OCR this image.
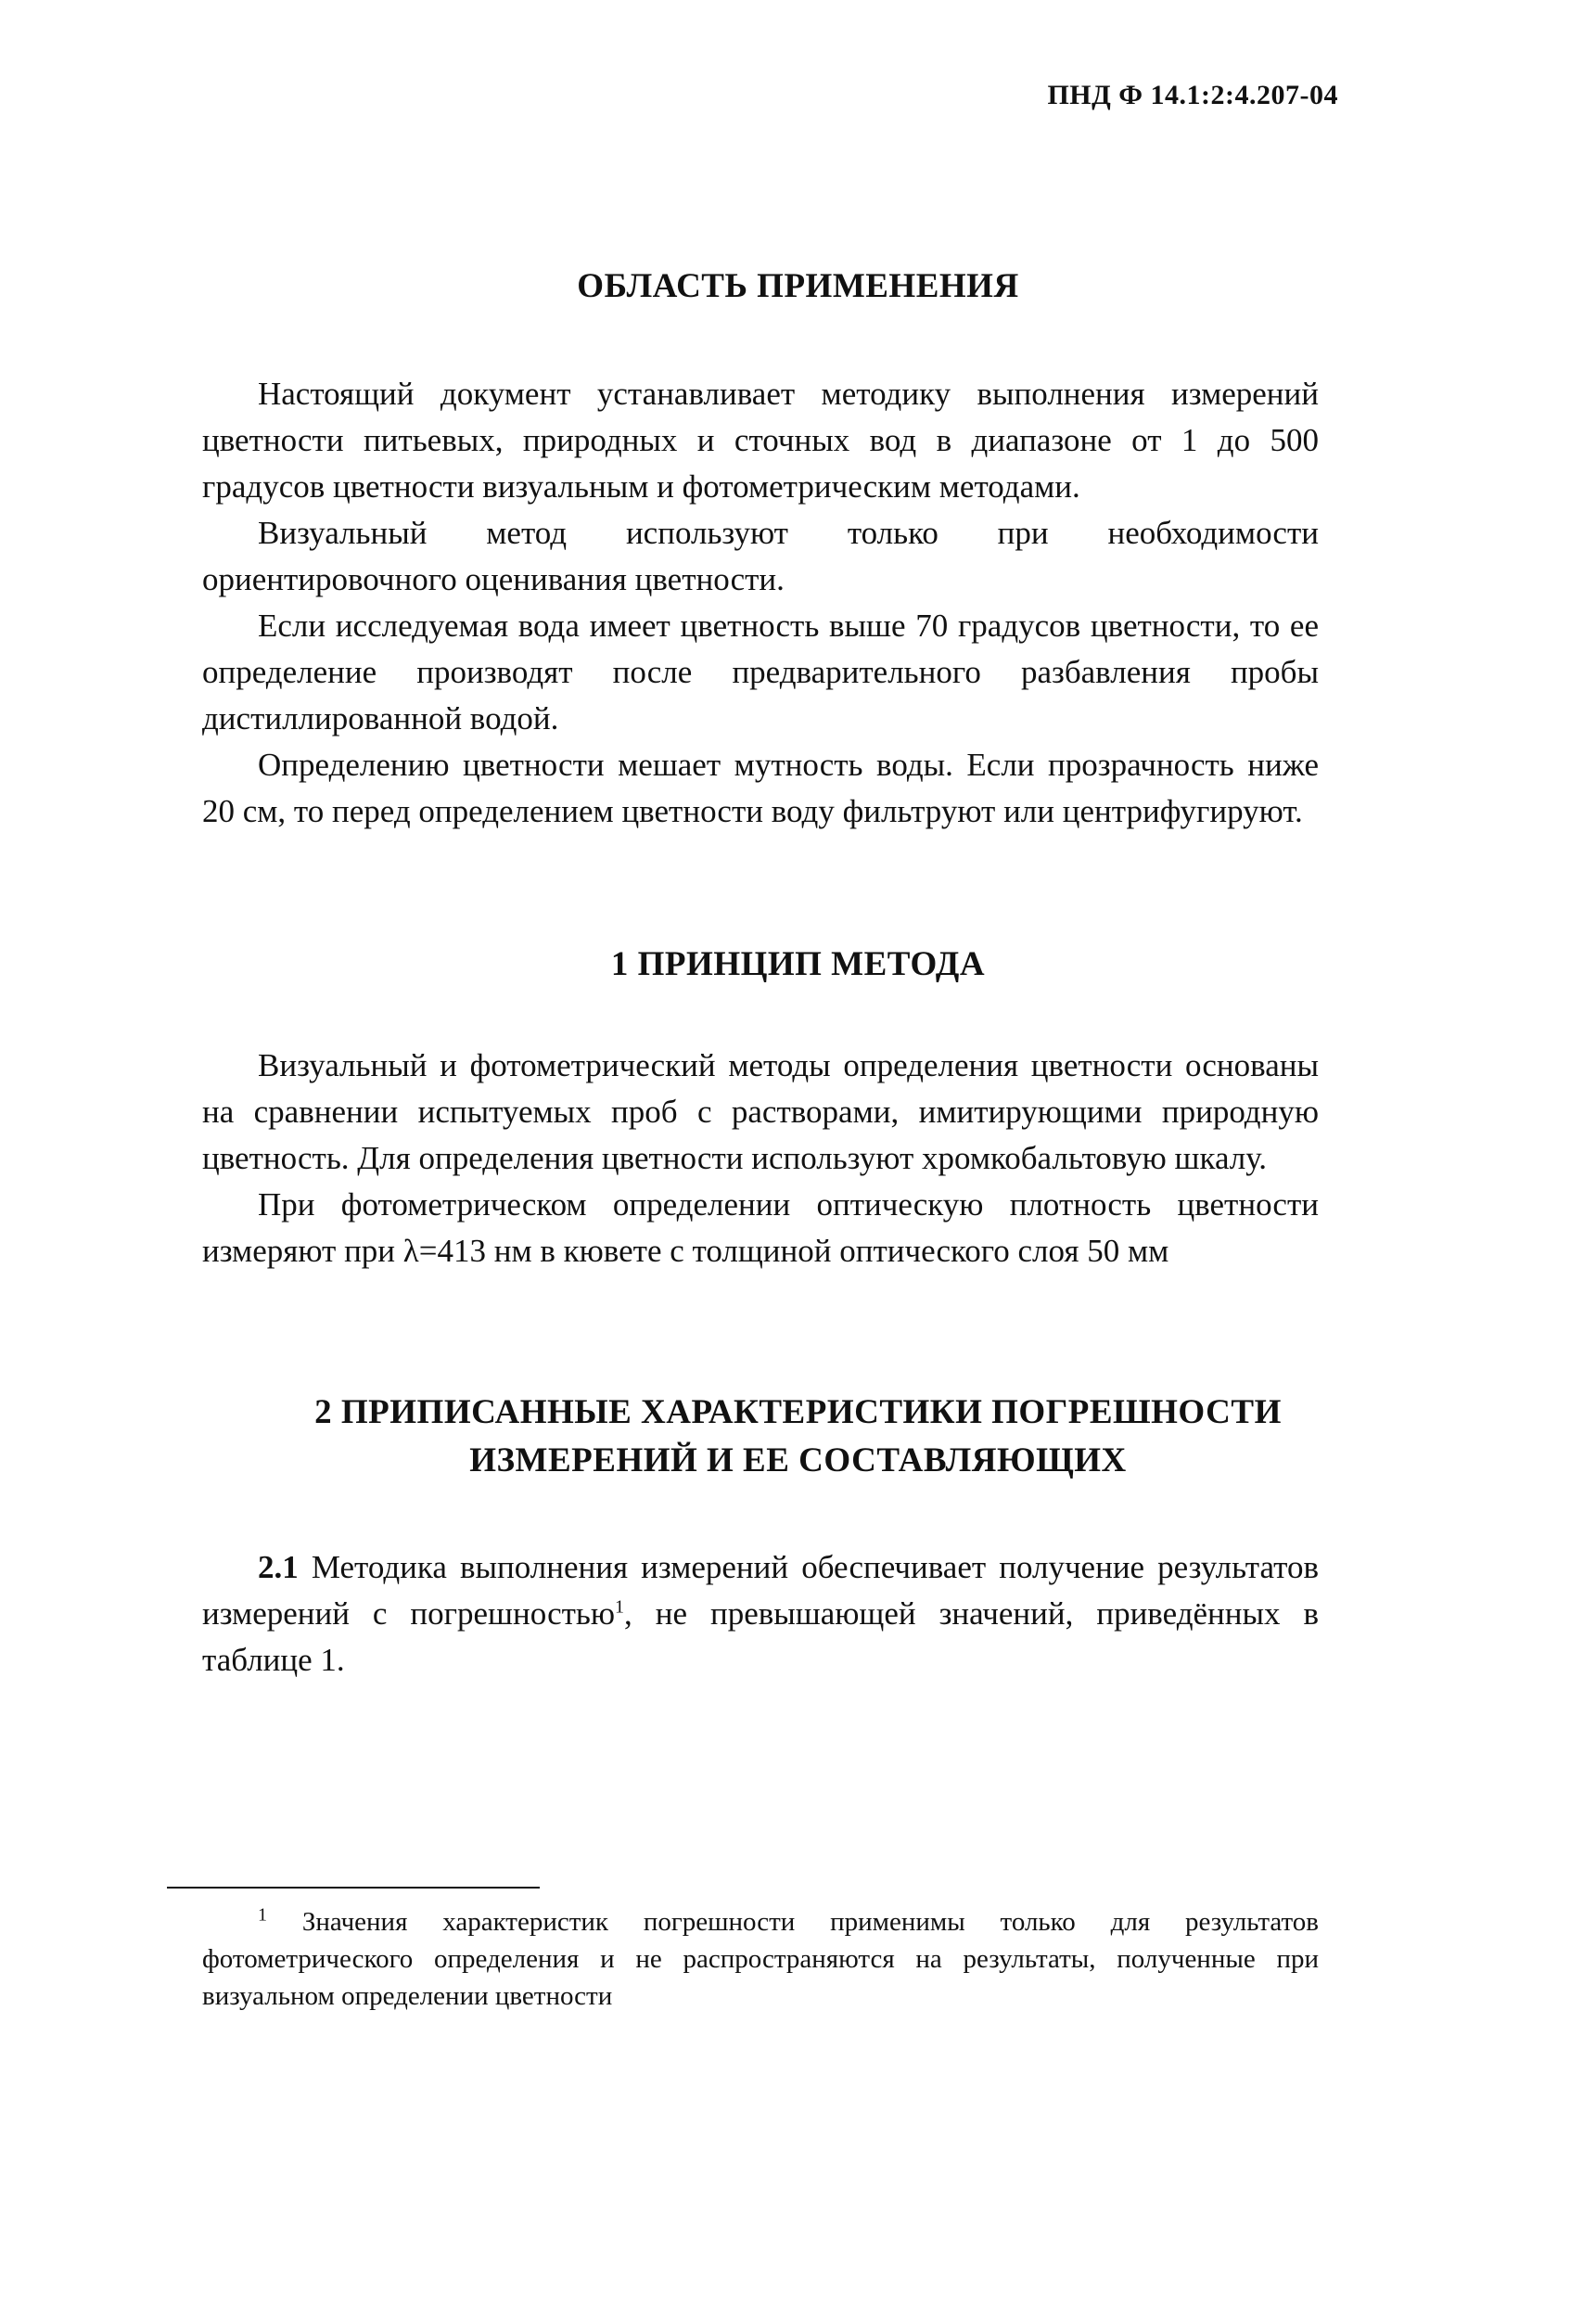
ПНД Ф 14.1:2:4.207-04
ОБЛАСТЬ ПРИМЕНЕНИЯ

Настоящий документ устанавливает методику выполнения измерений цветности питьевых, природных и сточных вод в диапазоне от 1 до 500 градусов цветности визуальным и фотометрическим методами.

Визуальный метод используют только при необходимости ориентировочного оценивания цветности.

Если исследуемая вода имеет цветность выше 70 градусов цветности, то ее определение производят после предварительного разбавления пробы дистиллированной водой.

Определению цветности мешает мутность воды. Если прозрачность ниже 20 см, то перед определением цветности воду фильтруют или центрифугируют.

1 ПРИНЦИП МЕТОДА

Визуальный и фотометрический методы определения цветности основаны на сравнении испытуемых проб с растворами, имитирующими природную цветность. Для определения цветности используют хромкобальтовую шкалу.

При фотометрическом определении оптическую плотность цветности измеряют при λ=413 нм в кювете с толщиной оптического слоя 50 мм

2 ПРИПИСАННЫЕ ХАРАКТЕРИСТИКИ ПОГРЕШНОСТИ
ИЗМЕРЕНИЙ И ЕЕ СОСТАВЛЯЮЩИХ

2.1 Методика выполнения измерений обеспечивает получение результатов измерений с погрешностью$^1$, не превышающей значений, приведённых в таблице 1.

$^1$ Значения характеристик погрешности применимы только для результатов фотометрического определения и не распространяются на результаты, полученные при визуальном определении цветности
